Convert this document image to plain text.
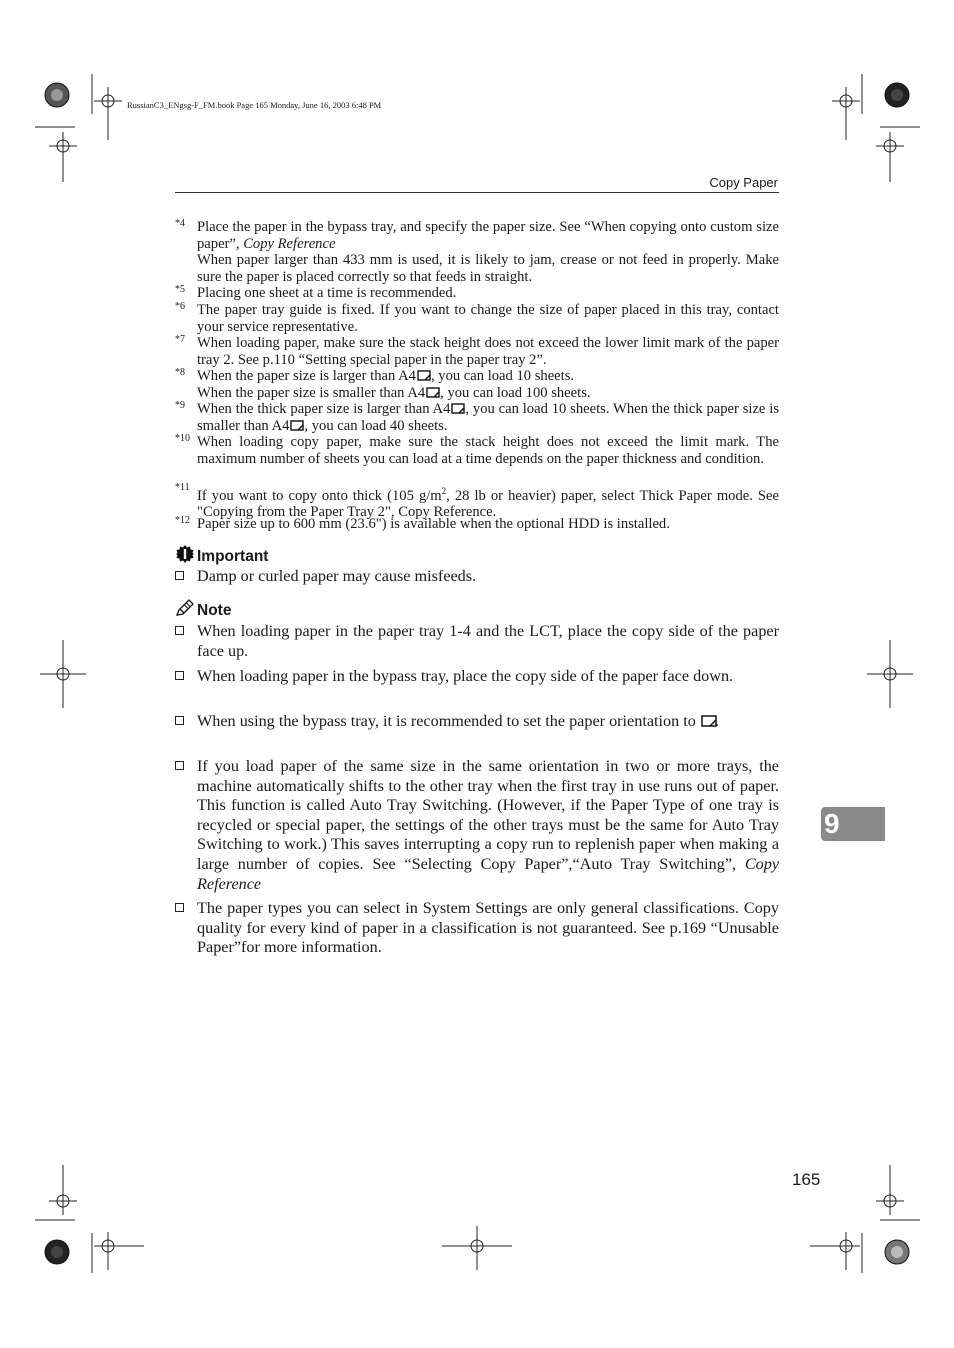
RussianC3_ENgsg-F_FM.book Page 165 Monday, June 16, 2003 6:48 PM
Copy Paper
*4 Place the paper in the bypass tray, and specify the paper size. See “When copying onto custom size paper”, Copy Reference

When paper larger than 433 mm is used, it is likely to jam, crease or not feed in properly. Make sure the paper is placed correctly so that feeds in straight.

*5 Placing one sheet at a time is recommended.
*6 The paper tray guide is fixed. If you want to change the size of paper placed in this tray, contact your service representative.
*7 When loading paper, make sure the stack height does not exceed the lower limit mark of the paper tray 2. See p.110 “Setting special paper in the paper tray 2”.
*8 When the paper size is larger than A4 , you can load 10 sheets.

When the paper size is smaller than A4 , you can load 100 sheets.

*9 When the thick paper size is larger than A4 , you can load 10 sheets. When the thick paper size is smaller than A4 , you can load 40 sheets.
*10 When loading copy paper, make sure the stack height does not exceed the limit mark. The maximum number of sheets you can load at a time depends on the paper thickness and condition.
*11
If you want to copy onto thick (105 $g/m^2$, 28 lb or heavier) paper, select Thick Paper mode. See "Copying from the Paper Tray 2", Copy Reference.
*12 Paper size up to 600 mm (23.6") is available when the optional HDD is installed.
Important
Damp or curled paper may cause misfeeds.
Note
When loading paper in the paper tray 1-4 and the LCT, place the copy side of the paper face up.
When loading paper in the bypass tray, place the copy side of the paper face down.
When using the bypass tray, it is recommended to set the paper orientation to .
If you load paper of the same size in the same orientation in two or more trays, the machine automatically shifts to the other tray when the first tray in use runs out of paper. This function is called Auto Tray Switching. (However, if the Paper Type of one tray is recycled or special paper, the settings of the other trays must be the same for Auto Tray Switching to work.) This saves interrupting a copy run to replenish paper when making a large number of copies. See “Selecting Copy Paper”,“Auto Tray Switching”, Copy Reference
The paper types you can select in System Settings are only general classifications. Copy quality for every kind of paper in a classification is not guaranteed. See p.169 “Unusable Paper”for more information.
9
165
